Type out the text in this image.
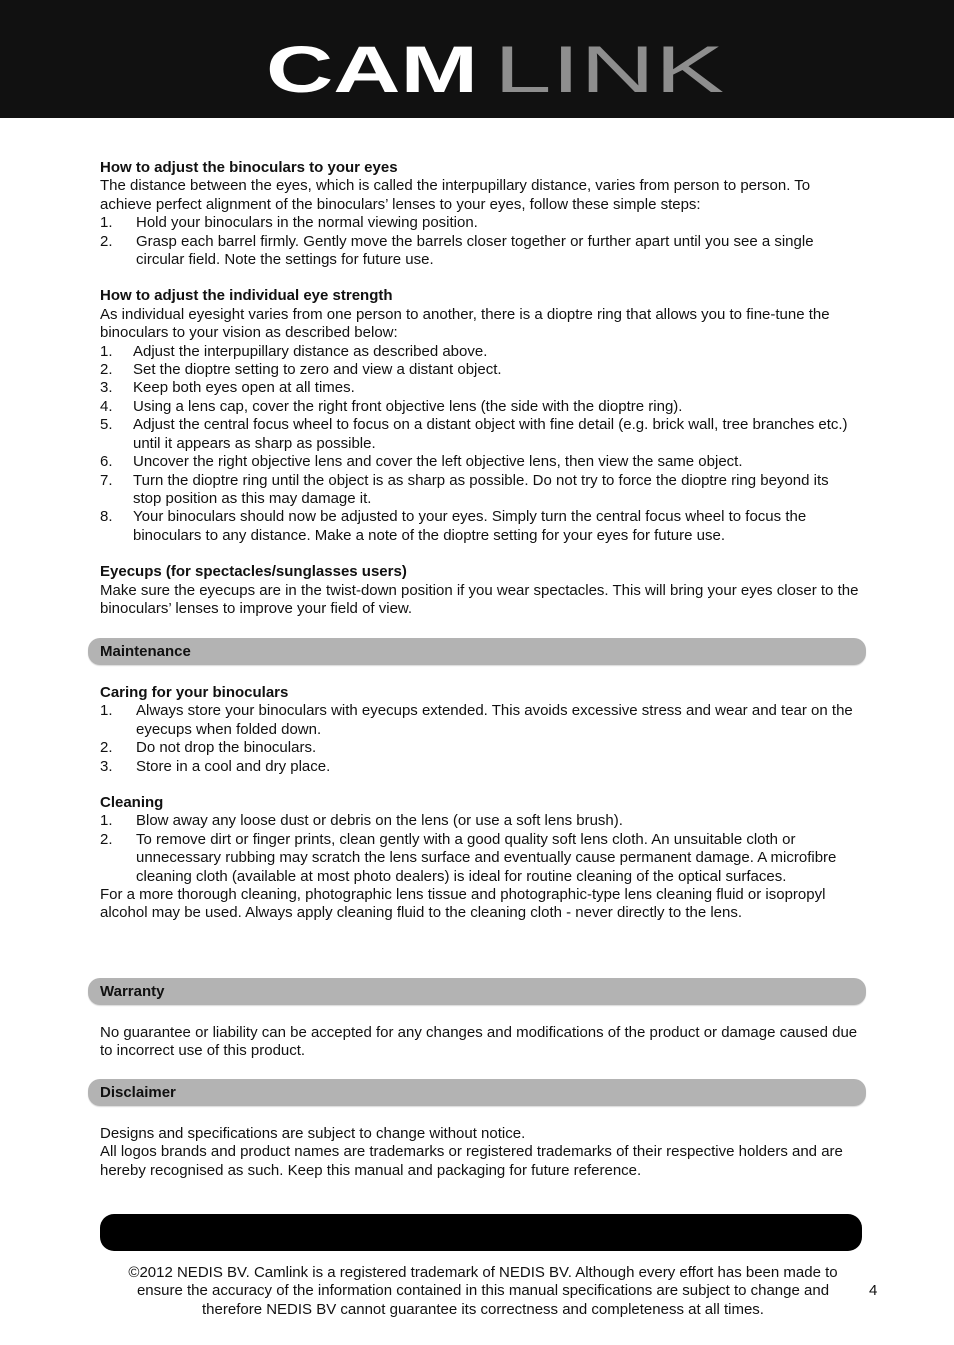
CAM LINK

How to adjust the binoculars to your eyes

The distance between the eyes, which is called the interpupillary distance, varies from person to person. To achieve perfect alignment of the binoculars’ lenses to your eyes, follow these simple steps:

1. Hold your binoculars in the normal viewing position.
2. Grasp each barrel firmly. Gently move the barrels closer together or further apart until you see a single circular field. Note the settings for future use.

How to adjust the individual eye strength

As individual eyesight varies from one person to another, there is a dioptre ring that allows you to fine-tune the binoculars to your vision as described below:

1. Adjust the interpupillary distance as described above.
2. Set the dioptre setting to zero and view a distant object.
3. Keep both eyes open at all times.
4. Using a lens cap, cover the right front objective lens (the side with the dioptre ring).
5. Adjust the central focus wheel to focus on a distant object with fine detail (e.g. brick wall, tree branches etc.) until it appears as sharp as possible.
6. Uncover the right objective lens and cover the left objective lens, then view the same object.
7. Turn the dioptre ring until the object is as sharp as possible. Do not try to force the dioptre ring beyond its stop position as this may damage it.
8. Your binoculars should now be adjusted to your eyes. Simply turn the central focus wheel to focus the binoculars to any distance. Make a note of the dioptre setting for your eyes for future use.

Eyecups (for spectacles/sunglasses users)

Make sure the eyecups are in the twist-down position if you wear spectacles. This will bring your eyes closer to the binoculars’ lenses to improve your field of view.

Maintenance

Caring for your binoculars

1. Always store your binoculars with eyecups extended. This avoids excessive stress and wear and tear on the eyecups when folded down.
2. Do not drop the binoculars.
3. Store in a cool and dry place.

Cleaning

1. Blow away any loose dust or debris on the lens (or use a soft lens brush).
2. To remove dirt or finger prints, clean gently with a good quality soft lens cloth. An unsuitable cloth or unnecessary rubbing may scratch the lens surface and eventually cause permanent damage. A microfibre cleaning cloth (available at most photo dealers) is ideal for routine cleaning of the optical surfaces.

For a more thorough cleaning, photographic lens tissue and photographic-type lens cleaning fluid or isopropyl alcohol may be used. Always apply cleaning fluid to the cleaning cloth - never directly to the lens.

Warranty

No guarantee or liability can be accepted for any changes and modifications of the product or damage caused due to incorrect use of this product.

Disclaimer

Designs and specifications are subject to change without notice.

All logos brands and product names are trademarks or registered trademarks of their respective holders and are hereby recognised as such. Keep this manual and packaging for future reference.

©2012 NEDIS BV. Camlink is a registered trademark of NEDIS BV. Although every effort has been made to ensure the accuracy of the information contained in this manual specifications are subject to change and therefore NEDIS BV cannot guarantee its correctness and completeness at all times.
4
